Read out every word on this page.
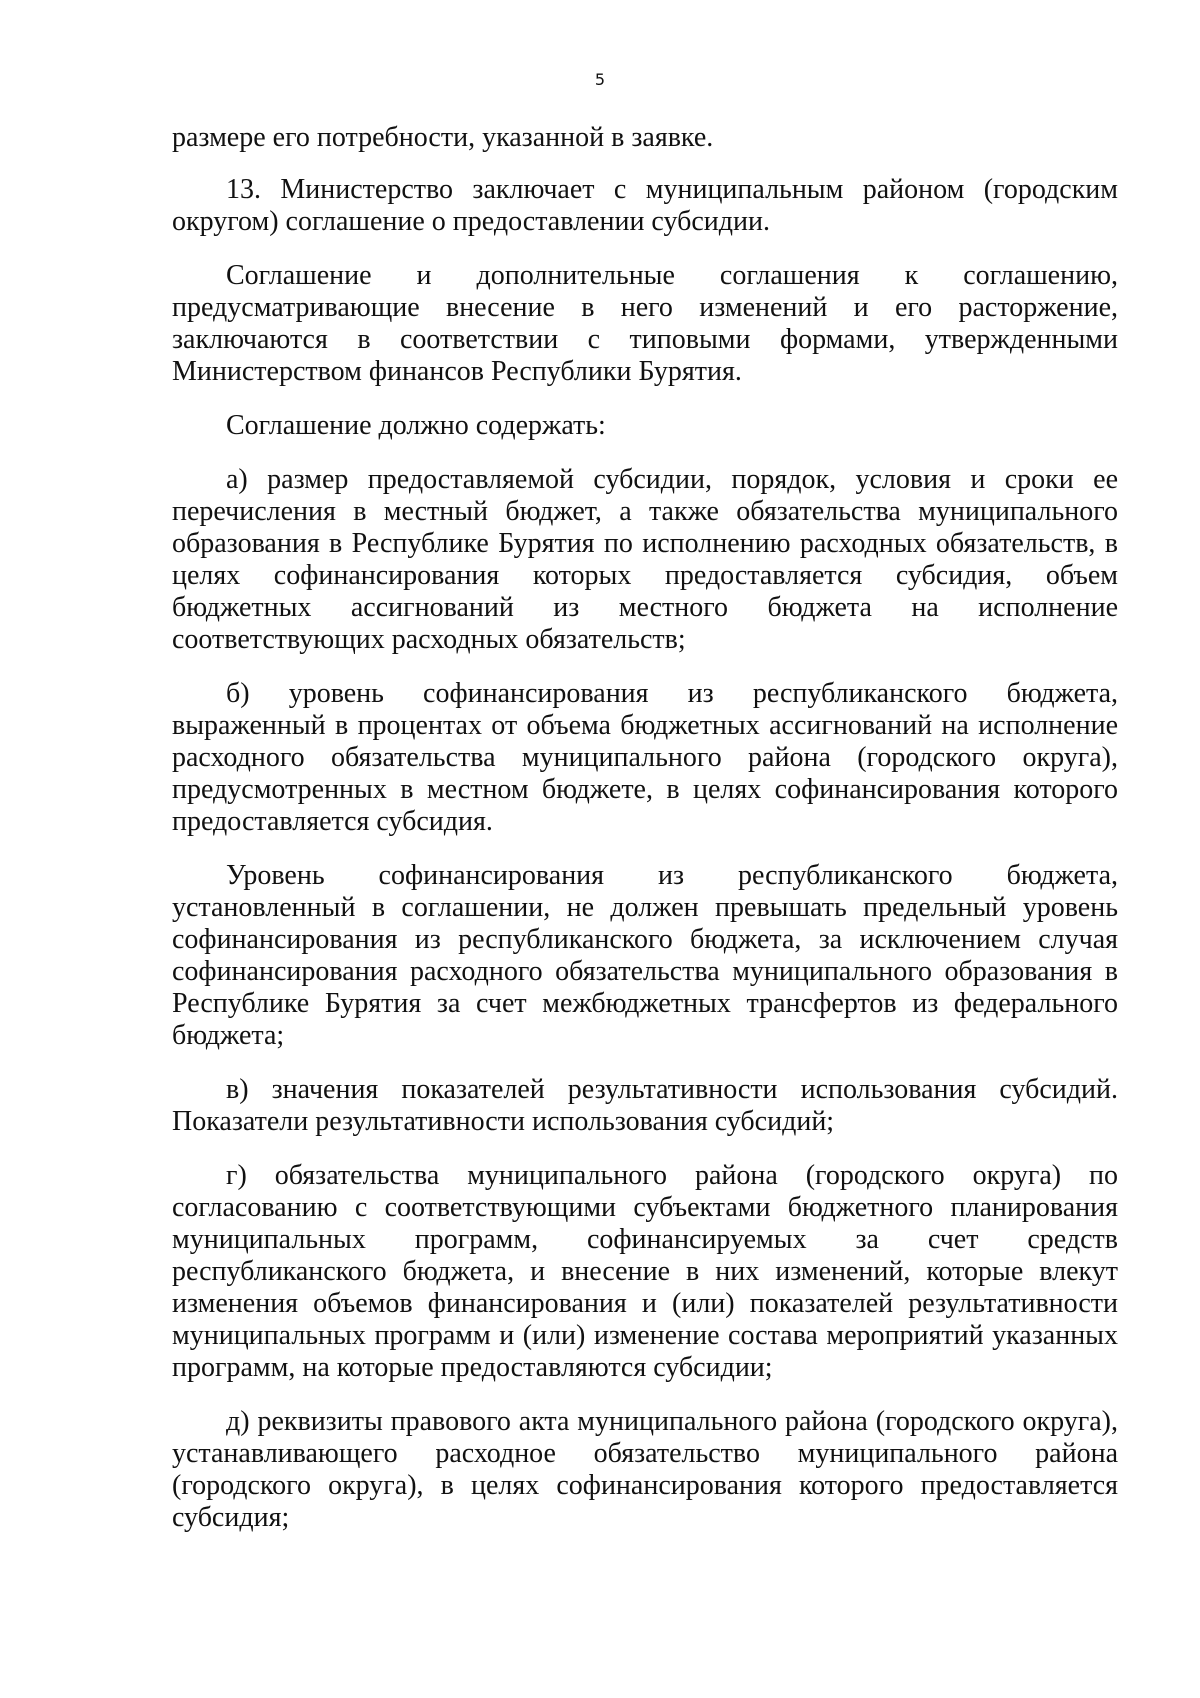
5

размере его потребности, указанной в заявке.

13. Министерство заключает с муниципальным районом (городским округом) соглашение о предоставлении субсидии.

Соглашение и дополнительные соглашения к соглашению, предусматривающие внесение в него изменений и его расторжение, заключаются в соответствии с типовыми формами, утвержденными Министерством финансов Республики Бурятия.

Соглашение должно содержать:

а) размер предоставляемой субсидии, порядок, условия и сроки ее перечисления в местный бюджет, а также обязательства муниципального образования в Республике Бурятия по исполнению расходных обязательств, в целях софинансирования которых предоставляется субсидия, объем бюджетных ассигнований из местного бюджета на исполнение соответствующих расходных обязательств;

б) уровень софинансирования из республиканского бюджета, выраженный в процентах от объема бюджетных ассигнований на исполнение расходного обязательства муниципального района (городского округа), предусмотренных в местном бюджете, в целях софинансирования которого предоставляется субсидия.

Уровень софинансирования из республиканского бюджета, установленный в соглашении, не должен превышать предельный уровень софинансирования из республиканского бюджета, за исключением случая софинансирования расходного обязательства муниципального образования в Республике Бурятия за счет межбюджетных трансфертов из федерального бюджета;

в) значения показателей результативности использования субсидий. Показатели результативности использования субсидий;

г) обязательства муниципального района (городского округа) по согласованию с соответствующими субъектами бюджетного планирования муниципальных программ, софинансируемых за счет средств республиканского бюджета, и внесение в них изменений, которые влекут изменения объемов финансирования и (или) показателей результативности муниципальных программ и (или) изменение состава мероприятий указанных программ, на которые предоставляются субсидии;

д) реквизиты правового акта муниципального района (городского округа), устанавливающего расходное обязательство муниципального района (городского округа), в целях софинансирования которого предоставляется субсидия;
